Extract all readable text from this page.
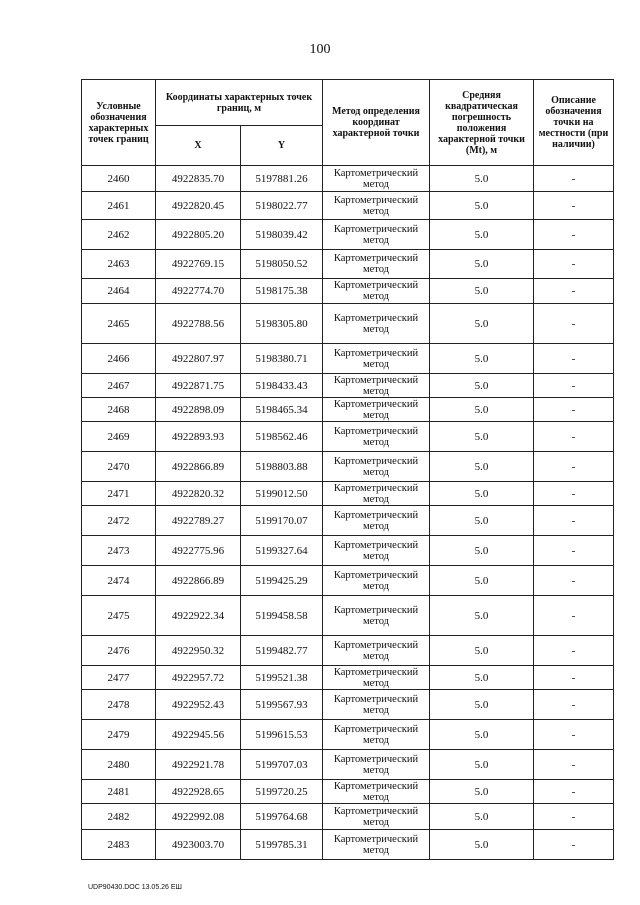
100
Условные обозначения характерных точек границ	Координаты характерных точек границ, м		Метод определения координат характерной точки	Средняя квадратическая погрешность положения характерной точки (Mt), м	Описание обозначения точки на местности (при наличии)
	X	Y			
2460	4922835.70	5197881.26	Картометрический метод	5.0	-
2461	4922820.45	5198022.77	Картометрический метод	5.0	-
2462	4922805.20	5198039.42	Картометрический метод	5.0	-
2463	4922769.15	5198050.52	Картометрический метод	5.0	-
2464	4922774.70	5198175.38	Картометрический метод	5.0	-
2465	4922788.56	5198305.80	Картометрический метод	5.0	-
2466	4922807.97	5198380.71	Картометрический метод	5.0	-
2467	4922871.75	5198433.43	Картометрический метод	5.0	-
2468	4922898.09	5198465.34	Картометрический метод	5.0	-
2469	4922893.93	5198562.46	Картометрический метод	5.0	-
2470	4922866.89	5198803.88	Картометрический метод	5.0	-
2471	4922820.32	5199012.50	Картометрический метод	5.0	-
2472	4922789.27	5199170.07	Картометрический метод	5.0	-
2473	4922775.96	5199327.64	Картометрический метод	5.0	-
2474	4922866.89	5199425.29	Картометрический метод	5.0	-
2475	4922922.34	5199458.58	Картометрический метод	5.0	-
2476	4922950.32	5199482.77	Картометрический метод	5.0	-
2477	4922957.72	5199521.38	Картометрический метод	5.0	-
2478	4922952.43	5199567.93	Картометрический метод	5.0	-
2479	4922945.56	5199615.53	Картометрический метод	5.0	-
2480	4922921.78	5199707.03	Картометрический метод	5.0	-
2481	4922928.65	5199720.25	Картометрический метод	5.0	-
2482	4922992.08	5199764.68	Картометрический метод	5.0	-
2483	4923003.70	5199785.31	Картометрический метод	5.0	-
UDP90430.DOC 13.05.26 EШ
